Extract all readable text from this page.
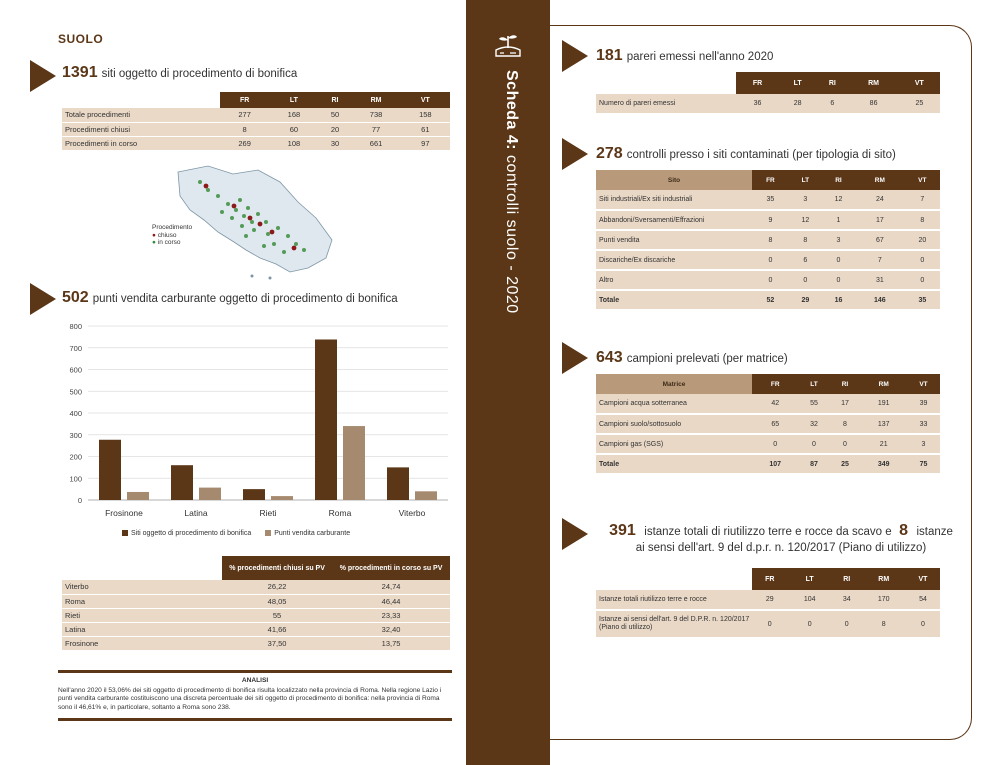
SUOLO
1391 siti oggetto di procedimento di bonifica
	FR	LT	RI	RM	VT
Totale procedimenti	277	168	50	738	158
Procedimenti chiusi	8	60	20	77	61
Procedimenti in corso	269	108	30	661	97
Procedimento
● chiuso
● in corso
502 punti vendita carburante oggetto di procedimento di bonifica
0
100
200
300
400
500
600
700
800
Frosinone	Latina	Rieti	Roma	Viterbo
Siti oggetto di procedimento di bonifica	Punti vendita carburante
	% procedimenti chiusi su PV	% procedimenti in corso su PV
Viterbo	26,22	24,74
Roma	48,05	46,44
Rieti	55	23,33
Latina	41,66	32,40
Frosinone	37,50	13,75
ANALISI
Nell'anno 2020 il 53,06% dei siti oggetto di procedimento di bonifica risulta localizzato nella provincia di Roma. Nella regione Lazio i punti vendita carburante costituiscono una discreta percentuale dei siti oggetto di procedimento di bonifica: nella provincia di Roma sono il 46,61% e, in particolare, soltanto a Roma sono 238.
Scheda 4: controlli suolo - 2020
181 pareri emessi nell'anno 2020
	FR	LT	RI	RM	VT
Numero di pareri emessi	36	28	6	86	25
278 controlli presso i siti contaminati (per tipologia di sito)
Sito	FR	LT	RI	RM	VT
Siti industriali/Ex siti industriali	35	3	12	24	7
Abbandoni/Sversamenti/Effrazioni	9	12	1	17	8
Punti vendita	8	8	3	67	20
Discariche/Ex discariche	0	6	0	7	0
Altro	0	0	0	31	0
Totale	52	29	16	146	35
643 campioni prelevati (per matrice)
Matrice	FR	LT	RI	RM	VT
Campioni acqua sotterranea	42	55	17	191	39
Campioni suolo/sottosuolo	65	32	8	137	33
Campioni gas (SGS)	0	0	0	21	3
Totale	107	87	25	349	75
391 istanze totali di riutilizzo terre e rocce da scavo e 8 istanze
ai sensi dell'art. 9 del d.p.r. n. 120/2017 (Piano di utilizzo)
	FR	LT	RI	RM	VT
Istanze totali riutilizzo terre e rocce	29	104	34	170	54
Istanze ai sensi dell'art. 9 del D.P.R. n. 120/2017 (Piano di utilizzo)	0	0	0	8	0
